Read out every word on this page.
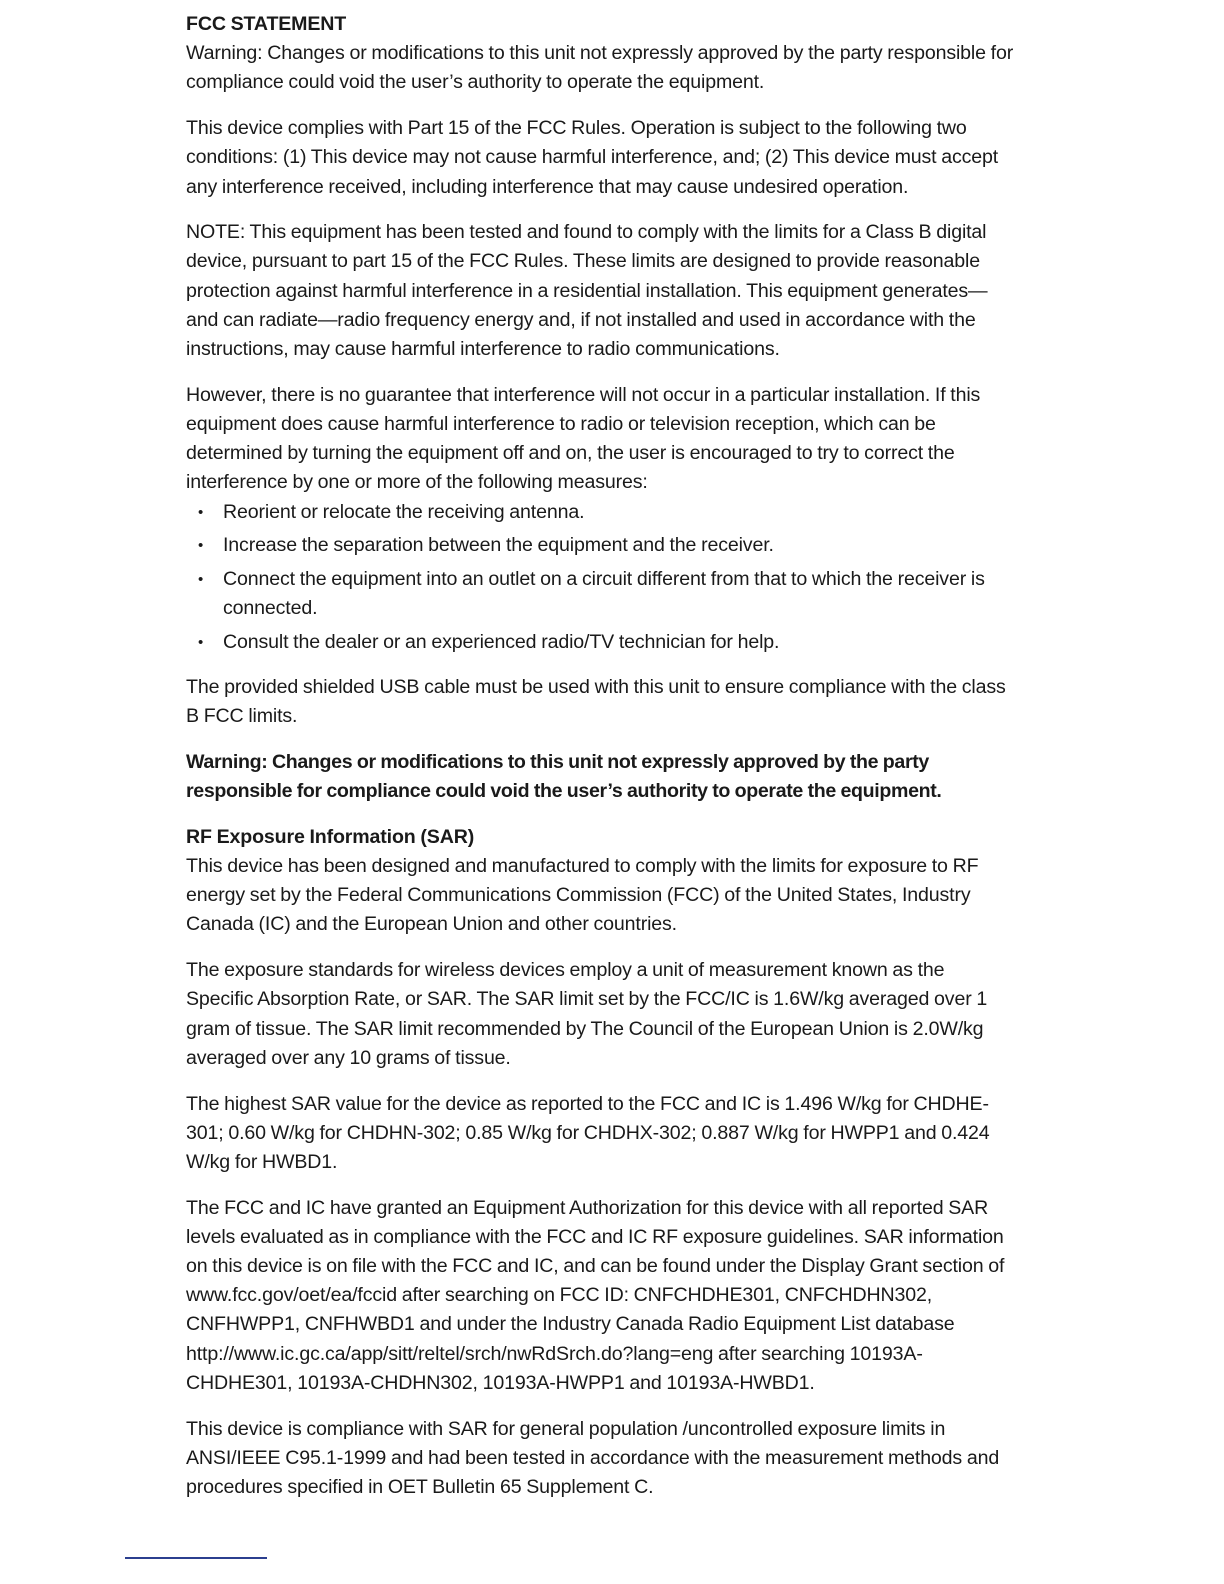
FCC STATEMENT

Warning: Changes or modifications to this unit not expressly approved by the party responsible for compliance could void the user’s authority to operate the equipment.

This device complies with Part 15 of the FCC Rules. Operation is subject to the following two conditions: (1) This device may not cause harmful interference, and; (2) This device must accept any interference received, including interference that may cause undesired operation.

NOTE: This equipment has been tested and found to comply with the limits for a Class B digital device, pursuant to part 15 of the FCC Rules. These limits are designed to provide reasonable protection against harmful interference in a residential installation. This equipment generates—and can radiate—radio frequency energy and, if not installed and used in accordance with the instructions, may cause harmful interference to radio communications.

However, there is no guarantee that interference will not occur in a particular installation. If this equipment does cause harmful interference to radio or television reception, which can be determined by turning the equipment off and on, the user is encouraged to try to correct the interference by one or more of the following measures:

• Reorient or relocate the receiving antenna.
• Increase the separation between the equipment and the receiver.
• Connect the equipment into an outlet on a circuit different from that to which the receiver is connected.
• Consult the dealer or an experienced radio/TV technician for help.

The provided shielded USB cable must be used with this unit to ensure compliance with the class B FCC limits.

Warning: Changes or modifications to this unit not expressly approved by the party responsible for compliance could void the user’s authority to operate the equipment.

RF Exposure Information (SAR)

This device has been designed and manufactured to comply with the limits for exposure to RF energy set by the Federal Communications Commission (FCC) of the United States, Industry Canada (IC) and the European Union and other countries.

The exposure standards for wireless devices employ a unit of measurement known as the Specific Absorption Rate, or SAR. The SAR limit set by the FCC/IC is 1.6W/kg averaged over 1 gram of tissue. The SAR limit recommended by The Council of the European Union is 2.0W/kg averaged over any 10 grams of tissue.

The highest SAR value for the device as reported to the FCC and IC is 1.496 W/kg for CHDHE-301; 0.60 W/kg for CHDHN-302; 0.85 W/kg for CHDHX-302; 0.887 W/kg for HWPP1 and 0.424 W/kg for HWBD1.

The FCC and IC have granted an Equipment Authorization for this device with all reported SAR levels evaluated as in compliance with the FCC and IC RF exposure guidelines. SAR information on this device is on file with the FCC and IC, and can be found under the Display Grant section of www.fcc.gov/oet/ea/fccid after searching on FCC ID: CNFCHDHE301, CNFCHDHN302, CNFHWPP1, CNFHWBD1 and under the Industry Canada Radio Equipment List database http://www.ic.gc.ca/app/sitt/reltel/srch/nwRdSrch.do?lang=eng after searching 10193A-CHDHE301, 10193A-CHDHN302, 10193A-HWPP1 and 10193A-HWBD1.

This device is compliance with SAR for general population /uncontrolled exposure limits in ANSI/IEEE C95.1-1999 and had been tested in accordance with the measurement methods and procedures specified in OET Bulletin 65 Supplement C.
